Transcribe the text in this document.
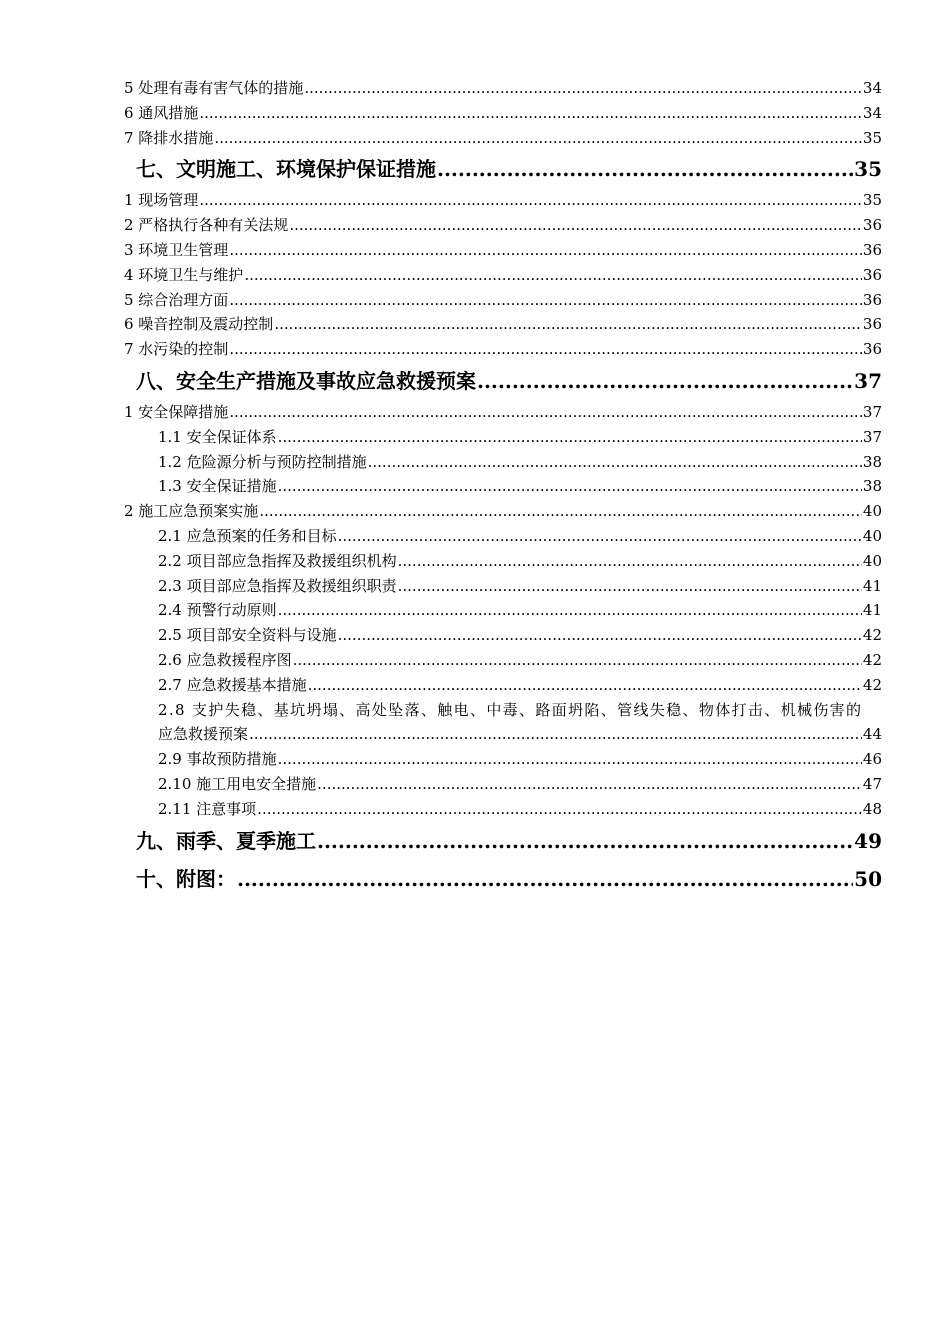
5 处理有毒有害气体的措施 .....	34
6 通风措施 .....	34
7 降排水措施 .....	35
七、文明施工、环境保护保证措施 .....	35
1 现场管理 .....	35
2 严格执行各种有关法规 .....	36
3 环境卫生管理 .....	36
4 环境卫生与维护 .....	36
5 综合治理方面 .....	36
6 噪音控制及震动控制 .....	36
7 水污染的控制 .....	36
八、安全生产措施及事故应急救援预案 .....	37
1 安全保障措施 .....	37
1.1 安全保证体系 .....	37
1.2 危险源分析与预防控制措施 .....	38
1.3 安全保证措施 .....	38
2 施工应急预案实施 .....	40
2.1 应急预案的任务和目标 .....	40
2.2 项目部应急指挥及救援组织机构 .....	40
2.3 项目部应急指挥及救援组织职责 .....	41
2.4 预警行动原则 .....	41
2.5 项目部安全资料与设施 .....	42
2.6 应急救援程序图 .....	42
2.7 应急救援基本措施 .....	42
2.8 支护失稳、基坑坍塌、高处坠落、触电、中毒、路面坍陷、管线失稳、物体打击、机械伤害的
应急救援预案 .....	44
2.9 事故预防措施 .....	46
2.10 施工用电安全措施 .....	47
2.11 注意事项 .....	48
九、雨季、夏季施工 .....	49
十、附图： .....	50
